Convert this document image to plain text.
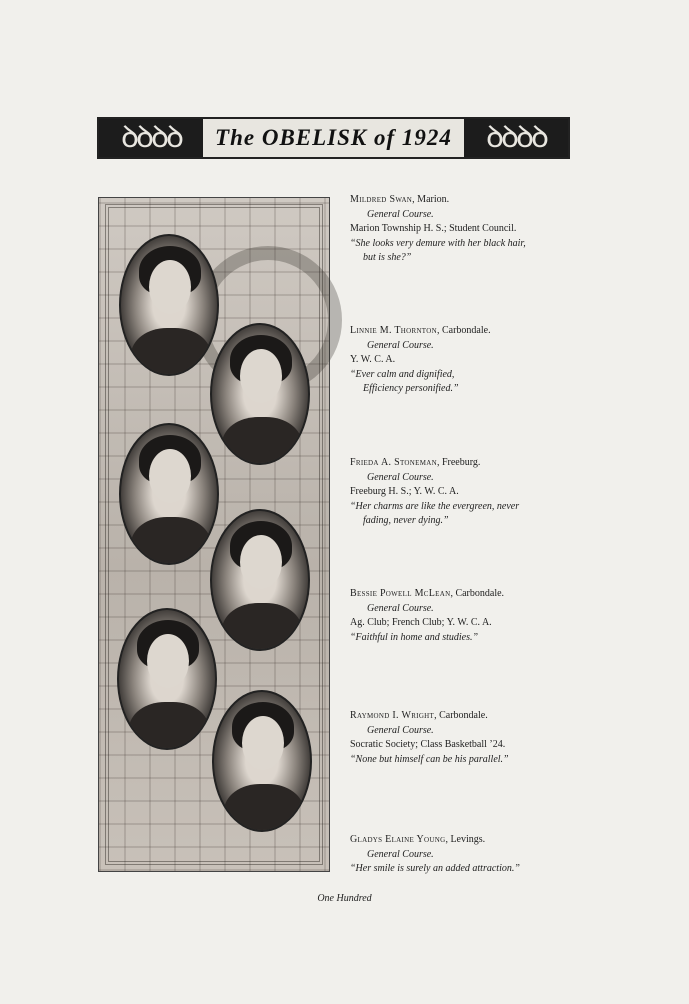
ꝺꝺꝺꝺ	The OBELISK of 1924	ꝺꝺꝺꝺ
Mildred Swan, Marion.
General Course.
Marion Township H. S.; Student Council.
“She looks very demure with her black hair,
but is she?”
Linnie M. Thornton, Carbondale.
General Course.
Y. W. C. A.
“Ever calm and dignified,
Efficiency personified.”
Frieda A. Stoneman, Freeburg.
General Course.
Freeburg H. S.; Y. W. C. A.
“Her charms are like the evergreen, never
fading, never dying.”
Bessie Powell McLean, Carbondale.
General Course.
Ag. Club; French Club; Y. W. C. A.
“Faithful in home and studies.”
Raymond I. Wright, Carbondale.
General Course.
Socratic Society; Class Basketball ’24.
“None but himself can be his parallel.”
Gladys Elaine Young, Levings.
General Course.
“Her smile is surely an added attraction.”
One Hundred
